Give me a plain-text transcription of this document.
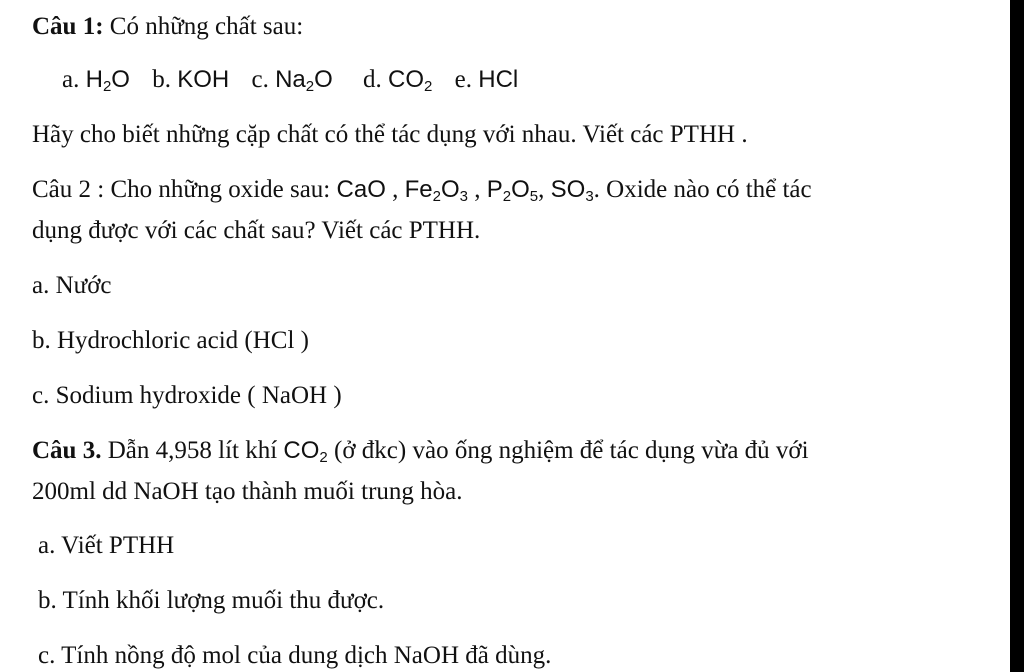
Câu 1: Có những chất sau:
a. $H_2O$ b. KOH c. $Na_2O$ d. $CO_2$ e. HCl
Hãy cho biết những cặp chất có thể tác dụng với nhau. Viết các PTHH .
Câu 2 : Cho những oxide sau: CaO , $Fe_2O_3$ , $P_2O_5$, $SO_3$. Oxide nào có thể tác
dụng được với các chất sau? Viết các PTHH.
a. Nước
b. Hydrochloric acid (HCl )
c. Sodium hydroxide ( NaOH )
Câu 3. Dẫn 4,958 lít khí $CO_2$ (ở đkc) vào ống nghiệm để tác dụng vừa đủ với
200ml dd NaOH tạo thành muối trung hòa.
a. Viết PTHH
b. Tính khối lượng muối thu được.
c. Tính nồng độ mol của dung dịch NaOH đã dùng.
